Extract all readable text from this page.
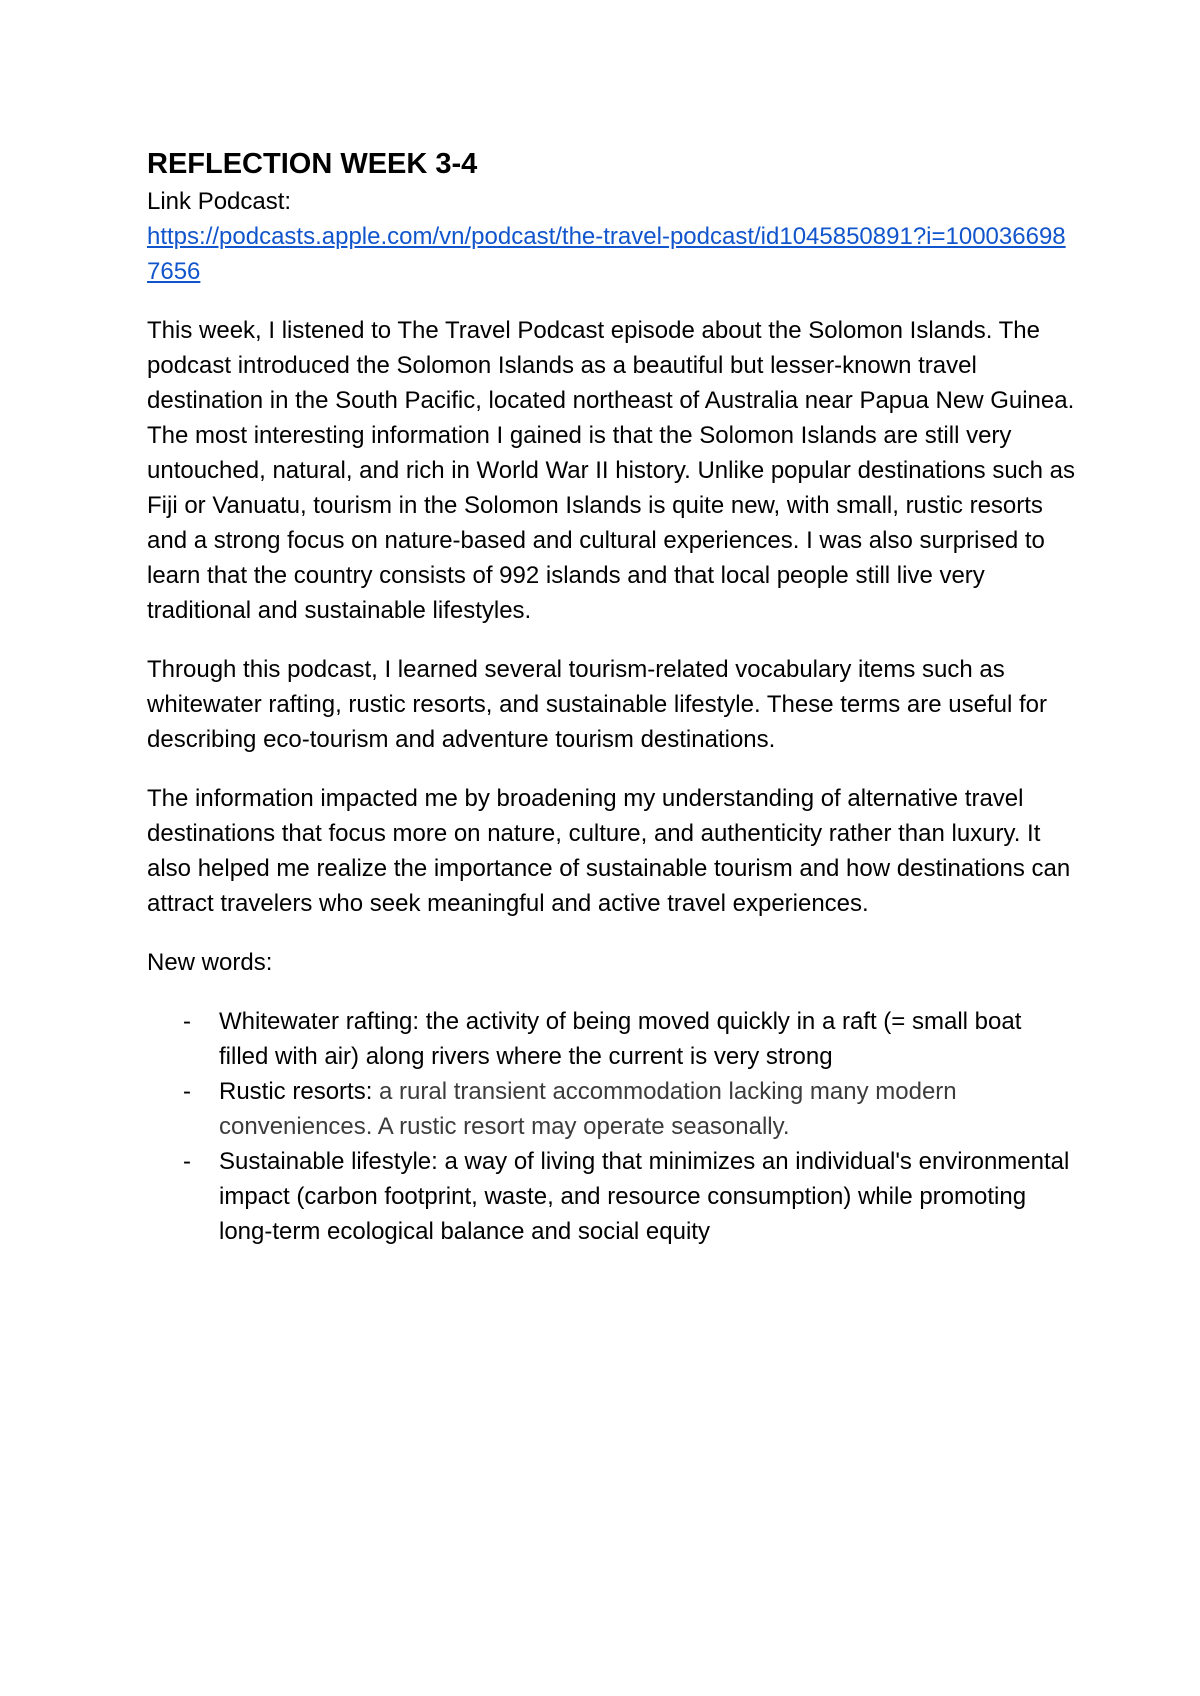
REFLECTION WEEK 3-4

Link Podcast:

https://podcasts.apple.com/vn/podcast/the-travel-podcast/id1045850891?i=1000366987656

This week, I listened to The Travel Podcast episode about the Solomon Islands. The podcast introduced the Solomon Islands as a beautiful but lesser-known travel destination in the South Pacific, located northeast of Australia near Papua New Guinea. The most interesting information I gained is that the Solomon Islands are still very untouched, natural, and rich in World War II history. Unlike popular destinations such as Fiji or Vanuatu, tourism in the Solomon Islands is quite new, with small, rustic resorts and a strong focus on nature-based and cultural experiences. I was also surprised to learn that the country consists of 992 islands and that local people still live very traditional and sustainable lifestyles.

Through this podcast, I learned several tourism-related vocabulary items such as whitewater rafting, rustic resorts, and sustainable lifestyle. These terms are useful for describing eco-tourism and adventure tourism destinations.

The information impacted me by broadening my understanding of alternative travel destinations that focus more on nature, culture, and authenticity rather than luxury. It also helped me realize the importance of sustainable tourism and how destinations can attract travelers who seek meaningful and active travel experiences.

New words:

- Whitewater rafting: the activity of being moved quickly in a raft (= small boat filled with air) along rivers where the current is very strong
- Rustic resorts: a rural transient accommodation lacking many modern conveniences. A rustic resort may operate seasonally.
- Sustainable lifestyle: a way of living that minimizes an individual's environmental impact (carbon footprint, waste, and resource consumption) while promoting long-term ecological balance and social equity
